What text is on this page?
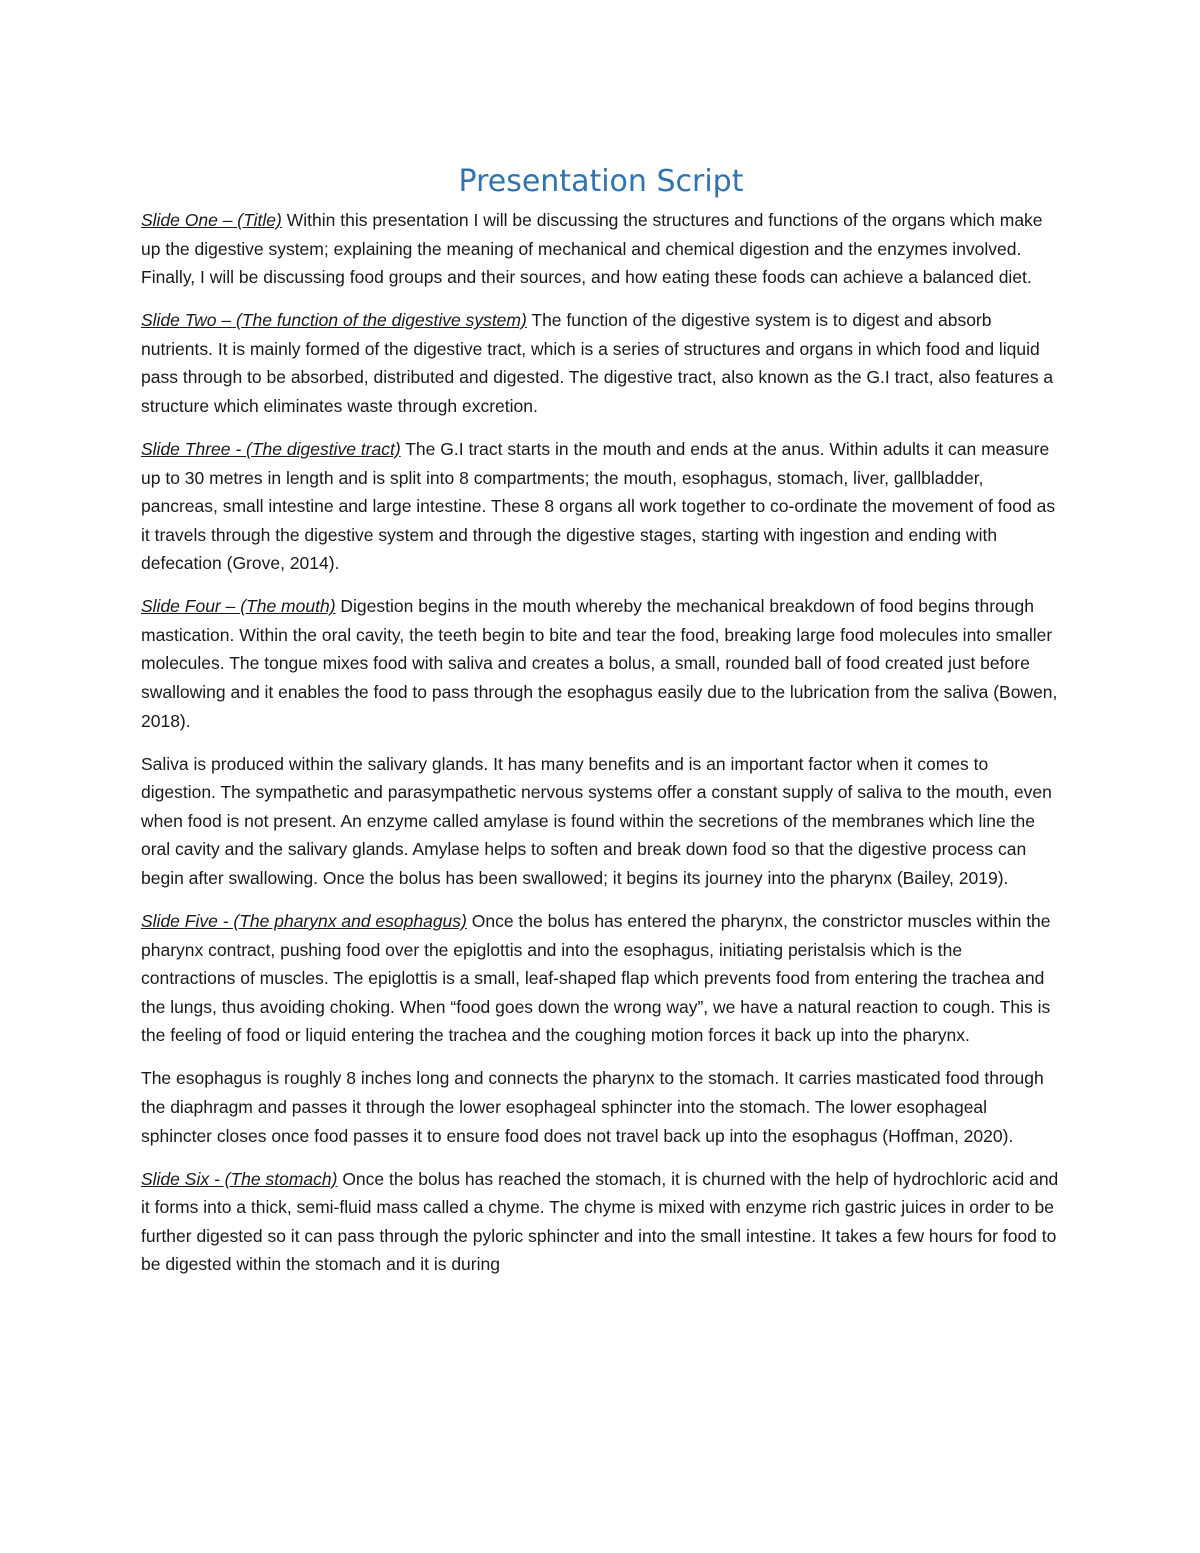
Presentation Script

Slide One – (Title) Within this presentation I will be discussing the structures and functions of the organs which make up the digestive system; explaining the meaning of mechanical and chemical digestion and the enzymes involved. Finally, I will be discussing food groups and their sources, and how eating these foods can achieve a balanced diet.

Slide Two – (The function of the digestive system) The function of the digestive system is to digest and absorb nutrients. It is mainly formed of the digestive tract, which is a series of structures and organs in which food and liquid pass through to be absorbed, distributed and digested. The digestive tract, also known as the G.I tract, also features a structure which eliminates waste through excretion.

Slide Three - (The digestive tract) The G.I tract starts in the mouth and ends at the anus. Within adults it can measure up to 30 metres in length and is split into 8 compartments; the mouth, esophagus, stomach, liver, gallbladder, pancreas, small intestine and large intestine. These 8 organs all work together to co-ordinate the movement of food as it travels through the digestive system and through the digestive stages, starting with ingestion and ending with defecation (Grove, 2014).

Slide Four – (The mouth) Digestion begins in the mouth whereby the mechanical breakdown of food begins through mastication. Within the oral cavity, the teeth begin to bite and tear the food, breaking large food molecules into smaller molecules. The tongue mixes food with saliva and creates a bolus, a small, rounded ball of food created just before swallowing and it enables the food to pass through the esophagus easily due to the lubrication from the saliva (Bowen, 2018).

Saliva is produced within the salivary glands. It has many benefits and is an important factor when it comes to digestion. The sympathetic and parasympathetic nervous systems offer a constant supply of saliva to the mouth, even when food is not present. An enzyme called amylase is found within the secretions of the membranes which line the oral cavity and the salivary glands. Amylase helps to soften and break down food so that the digestive process can begin after swallowing. Once the bolus has been swallowed; it begins its journey into the pharynx (Bailey, 2019).

Slide Five - (The pharynx and esophagus) Once the bolus has entered the pharynx, the constrictor muscles within the pharynx contract, pushing food over the epiglottis and into the esophagus, initiating peristalsis which is the contractions of muscles. The epiglottis is a small, leaf-shaped flap which prevents food from entering the trachea and the lungs, thus avoiding choking. When “food goes down the wrong way”, we have a natural reaction to cough. This is the feeling of food or liquid entering the trachea and the coughing motion forces it back up into the pharynx.

The esophagus is roughly 8 inches long and connects the pharynx to the stomach. It carries masticated food through the diaphragm and passes it through the lower esophageal sphincter into the stomach. The lower esophageal sphincter closes once food passes it to ensure food does not travel back up into the esophagus (Hoffman, 2020).

Slide Six - (The stomach) Once the bolus has reached the stomach, it is churned with the help of hydrochloric acid and it forms into a thick, semi-fluid mass called a chyme. The chyme is mixed with enzyme rich gastric juices in order to be further digested so it can pass through the pyloric sphincter and into the small intestine. It takes a few hours for food to be digested within the stomach and it is during
